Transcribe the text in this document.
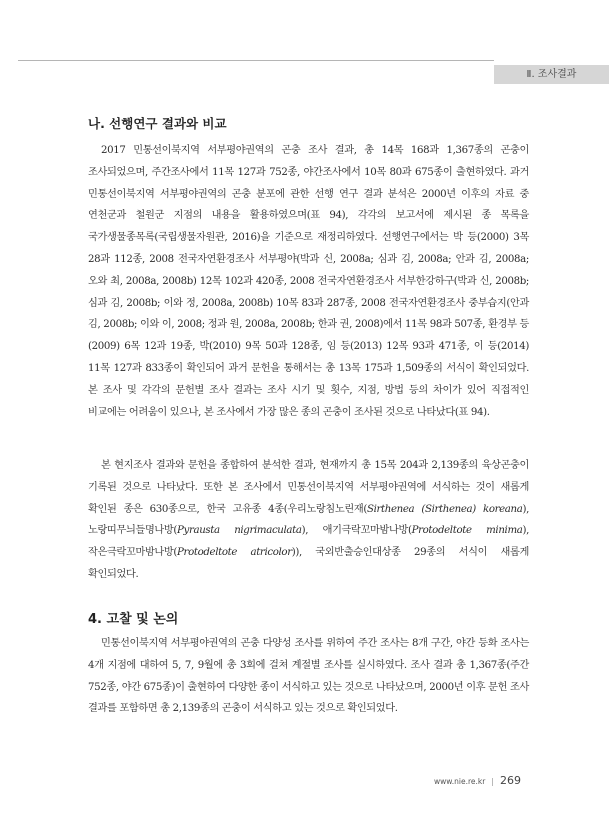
Ⅱ. 조사결과
나. 선행연구 결과와 비교

2017 민통선이북지역 서부평야권역의 곤충 조사 결과, 총 14목 168과 1,367종의 곤충이 조사되었으며, 주간조사에서 11목 127과 752종, 야간조사에서 10목 80과 675종이 출현하였다. 과거 민통선이북지역 서부평야권역의 곤충 분포에 관한 선행 연구 결과 분석은 2000년 이후의 자료 중 연천군과 철원군 지점의 내용을 활용하였으며(표 94), 각각의 보고서에 제시된 종 목록을 국가생물종목록(국립생물자원관, 2016)을 기준으로 재정리하였다. 선행연구에서는 박 등(2000) 3목 28과 112종, 2008 전국자연환경조사 서부평야(박과 신, 2008a; 심과 김, 2008a; 안과 김, 2008a; 오와 최, 2008a, 2008b) 12목 102과 420종, 2008 전국자연환경조사 서부한강하구(박과 신, 2008b; 심과 김, 2008b; 이와 정, 2008a, 2008b) 10목 83과 287종, 2008 전국자연환경조사 중부습지(안과 김, 2008b; 이와 이, 2008; 정과 원, 2008a, 2008b; 한과 권, 2008)에서 11목 98과 507종, 환경부 등(2009) 6목 12과 19종, 박(2010) 9목 50과 128종, 임 등(2013) 12목 93과 471종, 이 등(2014) 11목 127과 833종이 확인되어 과거 문헌을 통해서는 총 13목 175과 1,509종의 서식이 확인되었다. 본 조사 및 각각의 문헌별 조사 결과는 조사 시기 및 횟수, 지점, 방법 등의 차이가 있어 직접적인 비교에는 어려움이 있으나, 본 조사에서 가장 많은 종의 곤충이 조사된 것으로 나타났다(표 94).

본 현지조사 결과와 문헌을 종합하여 분석한 결과, 현재까지 총 15목 204과 2,139종의 육상곤충이 기록된 것으로 나타났다. 또한 본 조사에서 민통선이북지역 서부평야권역에 서식하는 것이 새롭게 확인된 종은 630종으로, 한국 고유종 4종(우리노랑침노린재(Sirthenea (Sirthenea) koreana), 노랑띠무늬들명나방(Pyrausta nigrimaculata), 애기극락꼬마밤나방(Protodeltote minima), 작은극락꼬마밤나방(Protodeltote atricolor)), 국외반출승인대상종 29종의 서식이 새롭게 확인되었다.

4. 고찰 및 논의

민통선이북지역 서부평야권역의 곤충 다양성 조사를 위하여 주간 조사는 8개 구간, 야간 등화 조사는 4개 지점에 대하여 5, 7, 9월에 총 3회에 걸쳐 계절별 조사를 실시하였다. 조사 결과 총 1,367종(주간 752종, 야간 675종)이 출현하여 다양한 종이 서식하고 있는 것으로 나타났으며, 2000년 이후 문헌 조사 결과를 포함하면 총 2,139종의 곤충이 서식하고 있는 것으로 확인되었다.

www.nie.re.kr | 269
